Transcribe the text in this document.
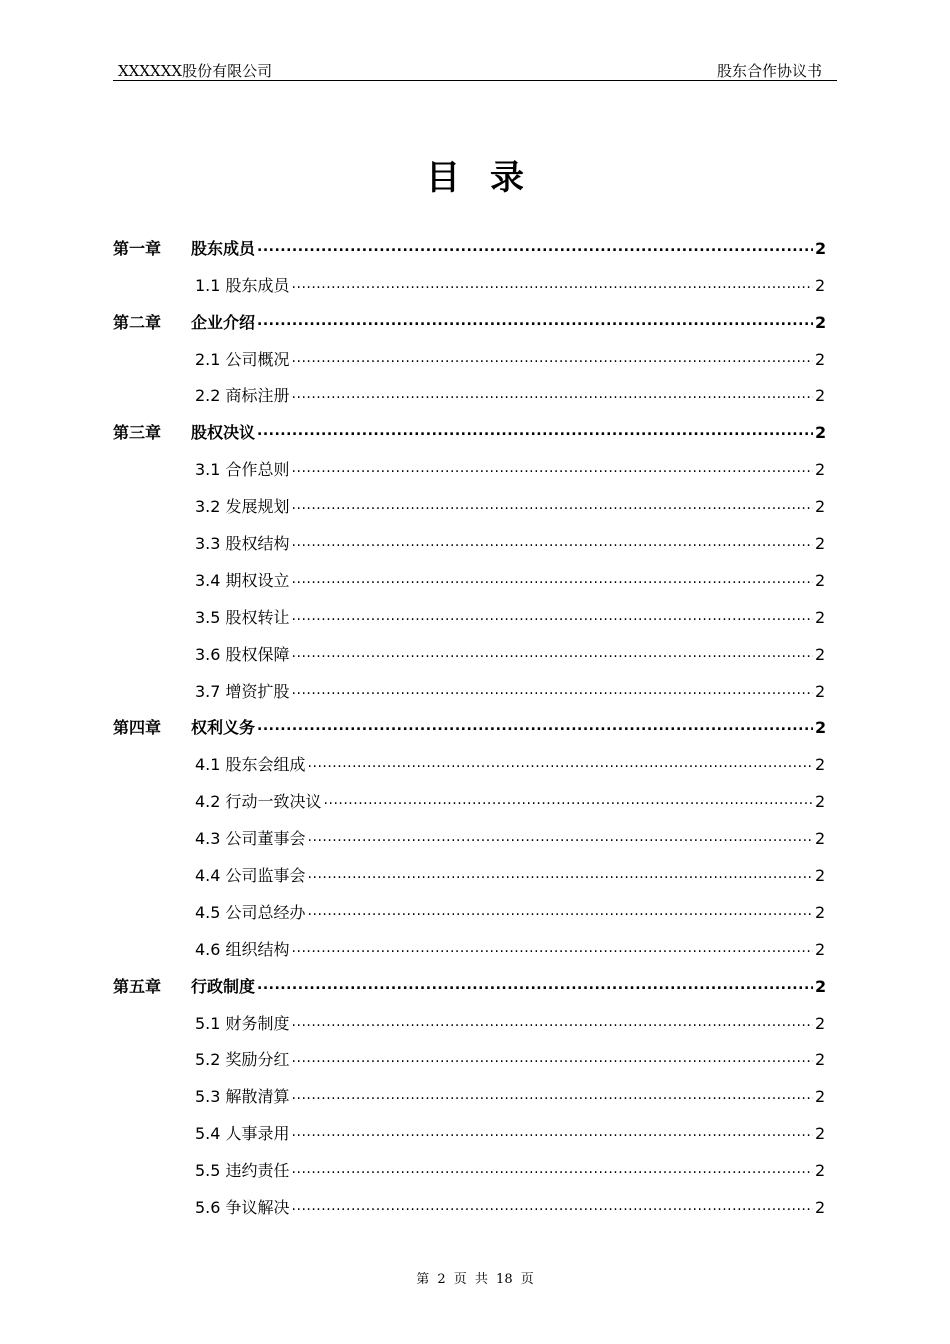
XXXXXX股份有限公司	股东合作协议书
目录
第一章	股东成员 .....	2
1.1 股东成员 .....	2
第二章	企业介绍 .....	2
2.1 公司概况 .....	2
2.2 商标注册 .....	2
第三章	股权决议 .....	2
3.1 合作总则 .....	2
3.2 发展规划 .....	2
3.3 股权结构 .....	2
3.4 期权设立 .....	2
3.5 股权转让 .....	2
3.6 股权保障 .....	2
3.7 增资扩股 .....	2
第四章	权利义务 .....	2
4.1 股东会组成 .....	2
4.2 行动一致决议 .....	2
4.3 公司董事会 .....	2
4.4 公司监事会 .....	2
4.5 公司总经办 .....	2
4.6 组织结构 .....	2
第五章	行政制度 .....	2
5.1 财务制度 .....	2
5.2 奖励分红 .....	2
5.3 解散清算 .....	2
5.4 人事录用 .....	2
5.5 违约责任 .....	2
5.6 争议解决 .....	2
第 2 页 共 18 页
